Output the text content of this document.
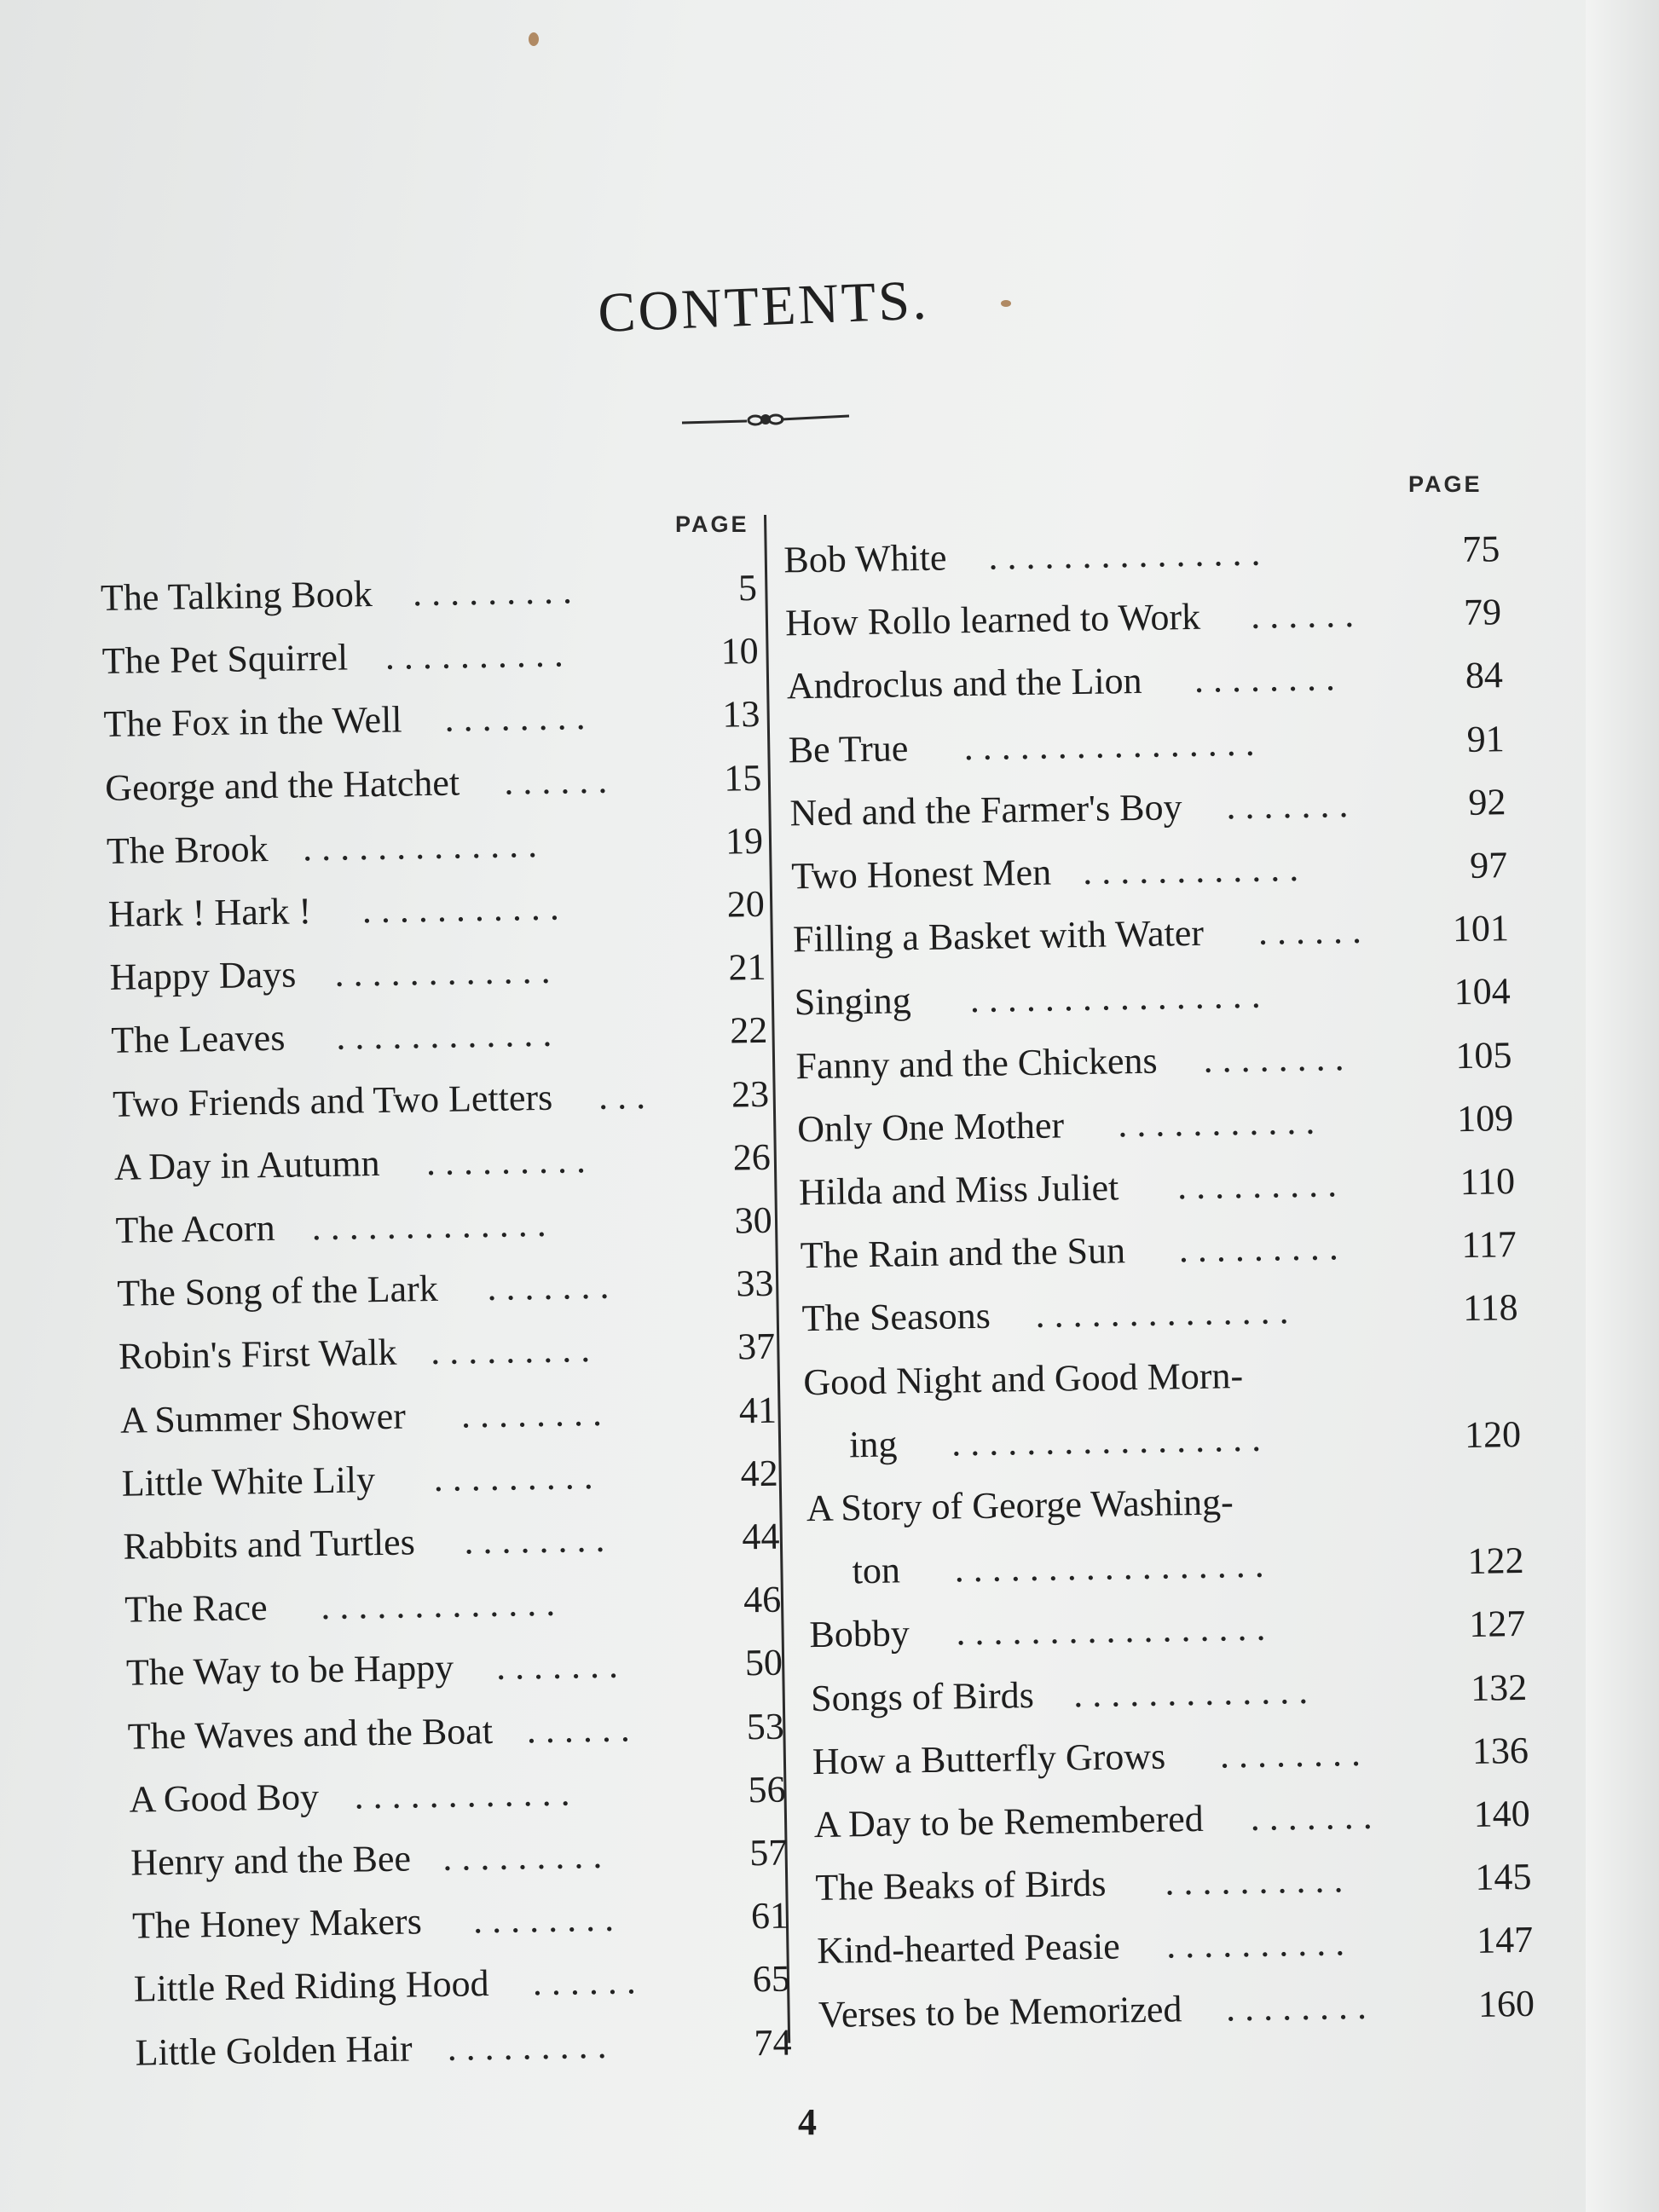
CONTENTS.
PAGE
PAGE
The Talking Book	5
The Pet Squirrel	10
The Fox in the Well	13
George and the Hatchet	15
The Brook	19
Hark ! Hark !	20
Happy Days	21
The Leaves	22
Two Friends and Two Letters	23
A Day in Autumn	26
The Acorn	30
The Song of the Lark	33
Robin's First Walk	37
A Summer Shower	41
Little White Lily	42
Rabbits and Turtles	44
The Race	46
The Way to be Happy	50
The Waves and the Boat	53
A Good Boy	56
Henry and the Bee	57
The Honey Makers	61
Little Red Riding Hood	65
Little Golden Hair	74
Bob White	75
How Rollo learned to Work	79
Androclus and the Lion	84
Be True	91
Ned and the Farmer's Boy	92
Two Honest Men	97
Filling a Basket with Water	101
Singing	104
Fanny and the Chickens	105
Only One Mother	109
Hilda and Miss Juliet	110
The Rain and the Sun	117
The Seasons	118
Good Night and Good Morn-
ing	120
A Story of George Washing-
ton	122
Bobby	127
Songs of Birds	132
How a Butterfly Grows	136
A Day to be Remembered	140
The Beaks of Birds	145
Kind-hearted Peasie	147
Verses to be Memorized	160
. . . . . . . . .
. . . . . . . . . .
. . . . . . . .
. . . . . .
. . . . . . . . . . . . .
. . . . . . . . . . .
. . . . . . . . . . . .
. . . . . . . . . . . .
. . .
. . . . . . . . .
. . . . . . . . . . . . .
. . . . . . .
. . . . . . . . .
. . . . . . . .
. . . . . . . . .
. . . . . . . .
. . . . . . . . . . . . .
. . . . . . .
. . . . . .
. . . . . . . . . . . .
. . . . . . . . .
. . . . . . . .
. . . . . .
. . . . . . . . .
. . . . . . . . . . . . . . .
. . . . . .
. . . . . . . .
. . . . . . . . . . . . . . . .
. . . . . . .
. . . . . . . . . . . .
. . . . . .
. . . . . . . . . . . . . . . .
. . . . . . . .
. . . . . . . . . . .
. . . . . . . . .
. . . . . . . . .
. . . . . . . . . . . . . .
. . . . . . . . . . . . . . . . .
. . . . . . . . . . . . . . . . .
. . . . . . . . . . . . . . . . .
. . . . . . . . . . . . .
. . . . . . . .
. . . . . . .
. . . . . . . . . .
. . . . . . . . . .
. . . . . . . .
4
